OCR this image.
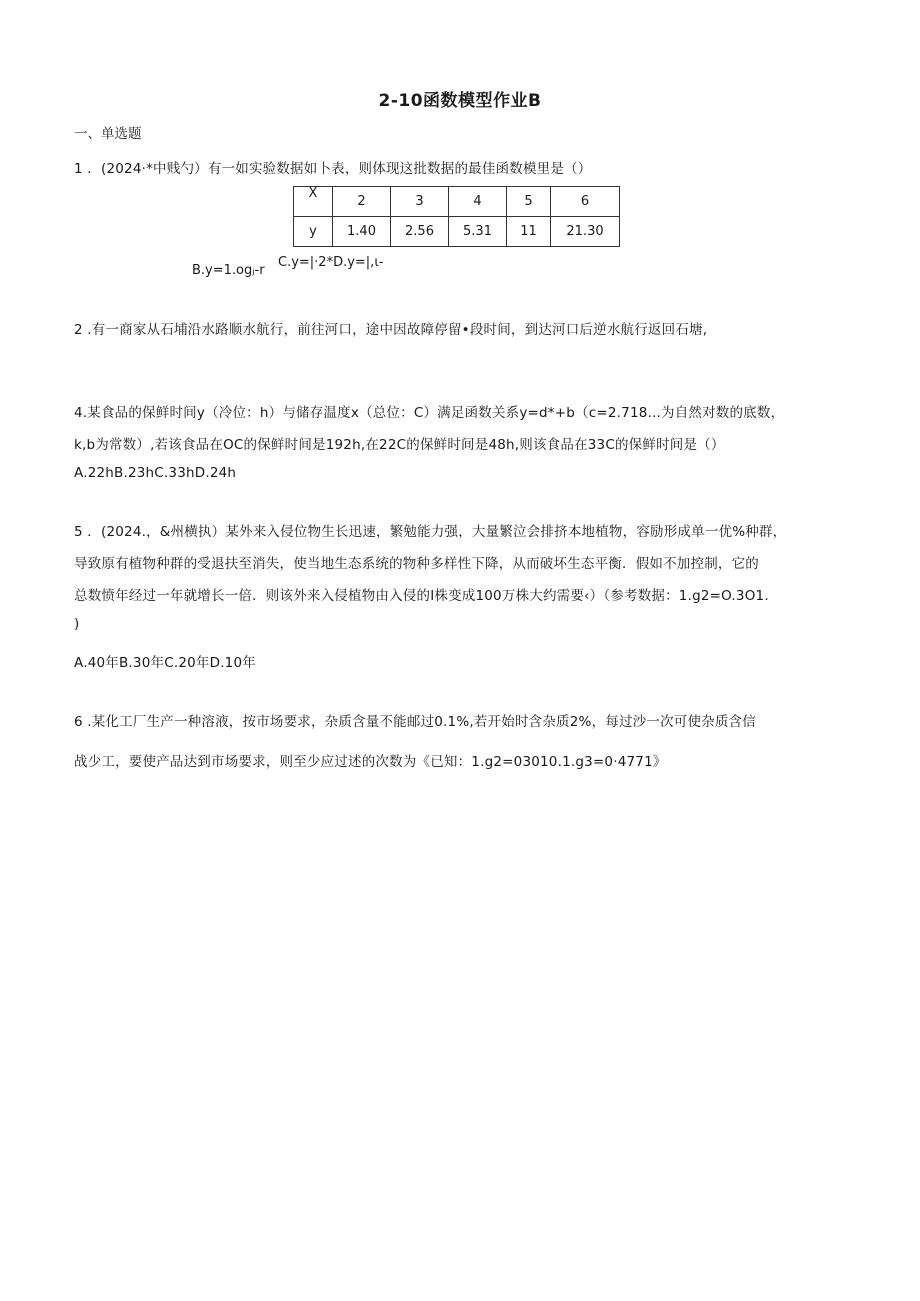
2-10函数模型作业B
一、单选题
1 ．(2024·*中贱勺）有一如实验数据如卜表，则体现这批数据的最佳函数模里是（）
X	2	3	4	5	6
y	1.40	2.56	5.31	11	21.30
B.y=1.ogⱼ-r
C.y=|·2*D.y=|,ι-
2 .有一商家从石埔沿水路顺水航行，前往河口，途中因故障停留•段时间，到达河口后逆水航行返回石塘,
4.某食品的保鲜时间y（冷位：h）与储存温度x（总位：C）满足函数关系y=d*+b（c=2.718...为自然对数的底数，
k,b为常数）,若该食品在OC的保鲜时间是192h,在22C的保鲜时间是48h,则该食品在33C的保鲜时间是（）
A.22hB.23hC.33hD.24h
5 ．(2024.，&州横执）某外来入侵位物生长迅速，繁勉能力强，大量繁泣会排挤本地植物，容励形成单一优%种群，
导致原有植物种群的受退扶至消失，使当地生态系统的物种多样性下降，从而破坏生态平衡．假如不加控制，它的
总数愤年经过一年就增长一倍．则该外来入侵植物由入侵的I株变成100万株大约需要‹）（参考数据：1.g2=O.3O1.
)
A.40年B.30年C.20年D.10年
6 .某化工厂生产一种溶液，按市场要求，杂质含量不能邮过0.1%,若开始时含杂质2%，每过沙一次可使杂质含信
战少工，要使产品达到市场要求，则至少应过述的次数为《已知：1.g2=03010.1.g3=0·4771》
